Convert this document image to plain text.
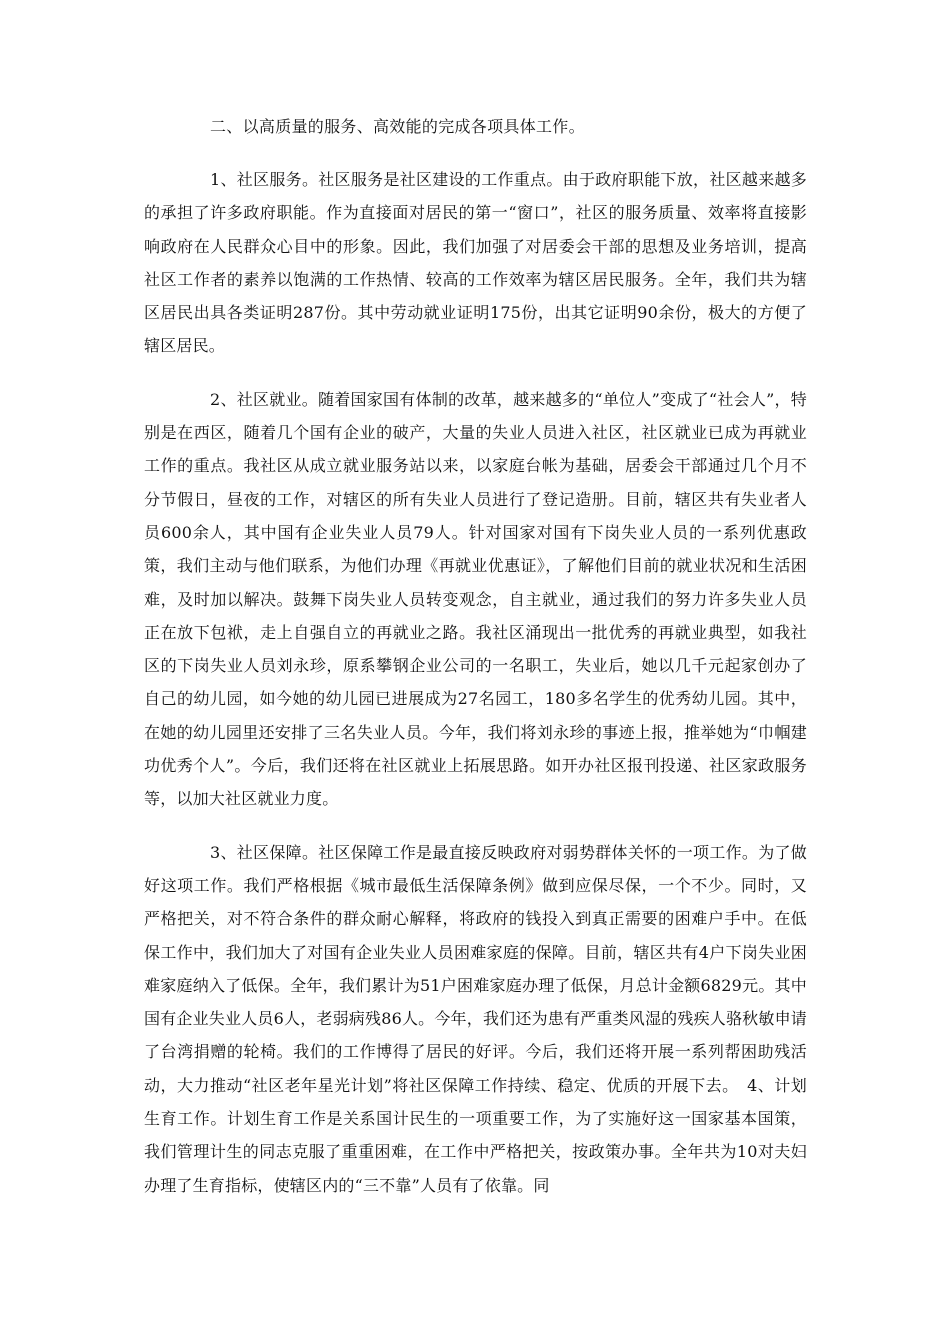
二、以高质量的服务、高效能的完成各项具体工作。

1、社区服务。社区服务是社区建设的工作重点。由于政府职能下放，社区越来越多的承担了许多政府职能。作为直接面对居民的第一“窗口”，社区的服务质量、效率将直接影响政府在人民群众心目中的形象。因此，我们加强了对居委会干部的思想及业务培训，提高社区工作者的素养以饱满的工作热情、较高的工作效率为辖区居民服务。全年，我们共为辖区居民出具各类证明287份。其中劳动就业证明175份，出其它证明90余份，极大的方便了辖区居民。

2、社区就业。随着国家国有体制的改革，越来越多的“单位人”变成了“社会人”，特别是在西区，随着几个国有企业的破产，大量的失业人员进入社区，社区就业已成为再就业工作的重点。我社区从成立就业服务站以来，以家庭台帐为基础，居委会干部通过几个月不分节假日，昼夜的工作，对辖区的所有失业人员进行了登记造册。目前，辖区共有失业者人员600余人，其中国有企业失业人员79人。针对国家对国有下岗失业人员的一系列优惠政策，我们主动与他们联系，为他们办理《再就业优惠证》，了解他们目前的就业状况和生活困难，及时加以解决。鼓舞下岗失业人员转变观念，自主就业，通过我们的努力许多失业人员正在放下包袱，走上自强自立的再就业之路。我社区涌现出一批优秀的再就业典型，如我社区的下岗失业人员刘永珍，原系攀钢企业公司的一名职工，失业后，她以几千元起家创办了自己的幼儿园，如今她的幼儿园已进展成为27名园工，180多名学生的优秀幼儿园。其中，在她的幼儿园里还安排了三名失业人员。今年，我们将刘永珍的事迹上报，推举她为“巾帼建功优秀个人”。今后，我们还将在社区就业上拓展思路。如开办社区报刊投递、社区家政服务等，以加大社区就业力度。

3、社区保障。社区保障工作是最直接反映政府对弱势群体关怀的一项工作。为了做好这项工作。我们严格根据《城市最低生活保障条例》做到应保尽保，一个不少。同时，又严格把关，对不符合条件的群众耐心解释，将政府的钱投入到真正需要的困难户手中。在低保工作中，我们加大了对国有企业失业人员困难家庭的保障。目前，辖区共有4户下岗失业困难家庭纳入了低保。全年，我们累计为51户困难家庭办理了低保，月总计金额6829元。其中国有企业失业人员6人，老弱病残86人。今年，我们还为患有严重类风湿的残疾人骆秋敏申请了台湾捐赠的轮椅。我们的工作博得了居民的好评。今后，我们还将开展一系列帮困助残活动，大力推动“社区老年星光计划”将社区保障工作持续、稳定、优质的开展下去。　4、计划生育工作。计划生育工作是关系国计民生的一项重要工作，为了实施好这一国家基本国策，我们管理计生的同志克服了重重困难，在工作中严格把关，按政策办事。全年共为10对夫妇办理了生育指标，使辖区内的“三不靠”人员有了依靠。同
